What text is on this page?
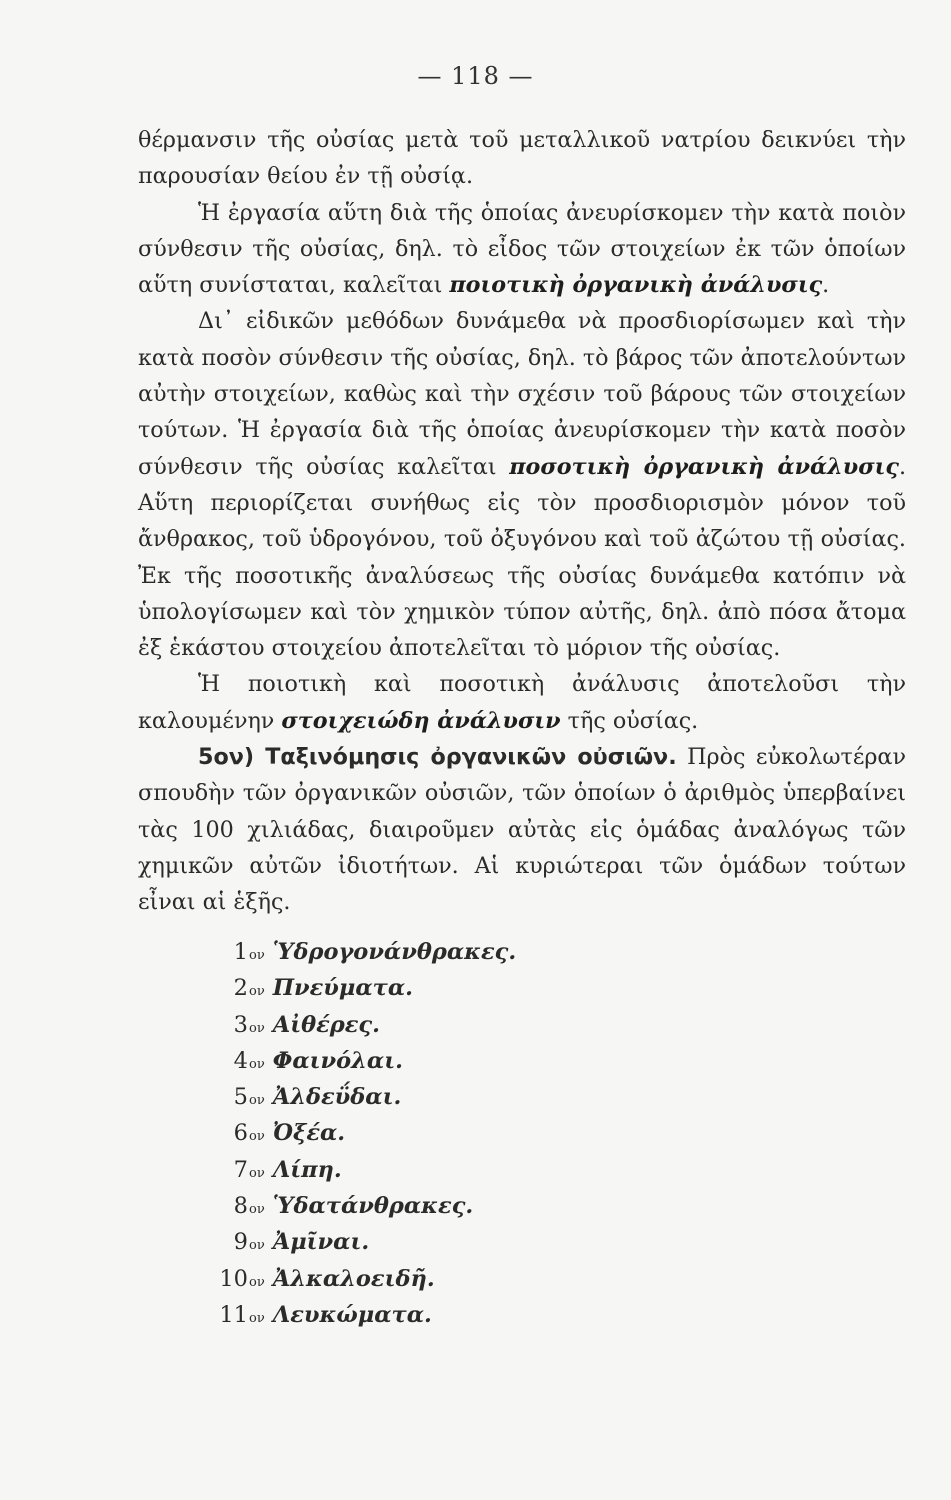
— 118 —

θέρμανσιν τῆς οὐσίας μετὰ τοῦ μεταλλικοῦ νατρίου δεικνύει τὴν παρουσίαν θείου ἐν τῇ οὐσίᾳ.

Ἡ ἐργασία αὕτη διὰ τῆς ὁποίας ἀνευρίσκομεν τὴν κατὰ ποιὸν σύνθεσιν τῆς οὐσίας, δηλ. τὸ εἶδος τῶν στοιχείων ἐκ τῶν ὁποίων αὕτη συνίσταται, καλεῖται ποιοτικὴ ὀργανικὴ ἀνάλυσις.

Δι᾽ εἰδικῶν μεθόδων δυνάμεθα νὰ προσδιορίσωμεν καὶ τὴν κατὰ ποσὸν σύνθεσιν τῆς οὐσίας, δηλ. τὸ βάρος τῶν ἀποτελούντων αὐτὴν στοιχείων, καθὼς καὶ τὴν σχέσιν τοῦ βάρους τῶν στοιχείων τούτων. Ἡ ἐργασία διὰ τῆς ὁποίας ἀνευρίσκομεν τὴν κατὰ ποσὸν σύνθεσιν τῆς οὐσίας καλεῖται ποσοτικὴ ὀργανικὴ ἀνάλυσις. Αὕτη περιορίζεται συνήθως εἰς τὸν προσδιορισμὸν μόνον τοῦ ἄνθρακος, τοῦ ὑδρογόνου, τοῦ ὀξυγόνου καὶ τοῦ ἀζώτου τῇ οὐσίας. Ἐκ τῆς ποσοτικῆς ἀναλύσεως τῆς οὐσίας δυνάμεθα κατόπιν νὰ ὑπολογίσωμεν καὶ τὸν χημικὸν τύπον αὐτῆς, δηλ. ἀπὸ πόσα ἄτομα ἐξ ἑκάστου στοιχείου ἀποτελεῖται τὸ μόριον τῆς οὐσίας.

Ἡ ποιοτικὴ καὶ ποσοτικὴ ἀνάλυσις ἀποτελοῦσι τὴν καλουμένην στοιχειώδη ἀνάλυσιν τῆς οὐσίας.

5ον) Ταξινόμησις ὀργανικῶν οὐσιῶν. Πρὸς εὐκολωτέραν σπουδὴν τῶν ὀργανικῶν οὐσιῶν, τῶν ὁποίων ὁ ἀριθμὸς ὑπερβαίνει τὰς 100 χιλιάδας, διαιροῦμεν αὐτὰς εἰς ὁμάδας ἀναλόγως τῶν χημικῶν αὐτῶν ἰδιοτήτων. Αἱ κυριώτεραι τῶν ὁμάδων τούτων εἶναι αἱ ἑξῆς.

1 ον Ὑδρογονάνθρακες.
2 ον Πνεύματα.
3 ον Αἰθέρες.
4 ον Φαινόλαι.
5 ον Ἀλδεΰδαι.
6 ον Ὀξέα.
7 ον Λίπη.
8 ον Ὑδατάνθρακες.
9 ον Ἀμῖναι.
10 ον Ἀλκαλοειδῆ.
11 ον Λευκώματα.
